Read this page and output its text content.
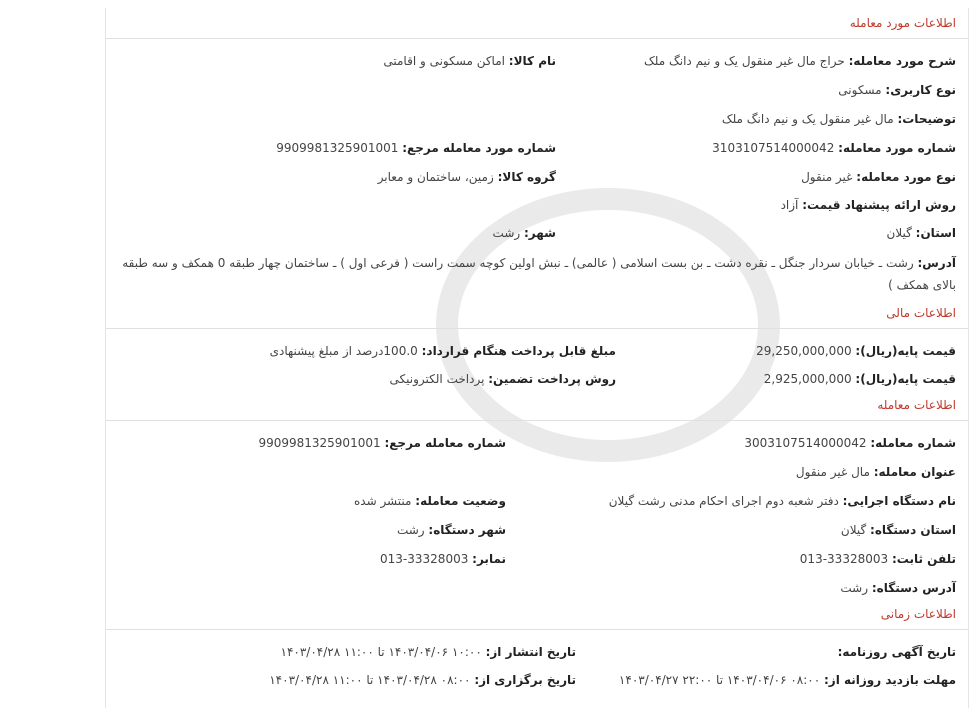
اطلاعات مورد معامله
شرح مورد معامله: حراج مال غیر منقول یک و نیم دانگ ملک
نام کالا: اماکن مسکونی و اقامتی
نوع کاربری: مسکونی
توضیحات: مال غیر منقول یک و نیم دانگ ملک
شماره مورد معامله: 3103107514000042
شماره مورد معامله مرجع: 9909981325901001
نوع مورد معامله: غیر منقول
گروه کالا: زمین، ساختمان و معابر
روش ارائه پیشنهاد قیمت: آزاد
استان: گیلان
شهر: رشت
آدرس: رشت ـ خیابان سردار جنگل ـ نقره دشت ـ بن بست اسلامی ( عالمی) ـ نبش اولین کوچه سمت راست ( فرعی اول ) ـ ساختمان چهار طبقه 0 همکف و سه طبقه بالای همکف )
اطلاعات مالی
قیمت پایه(ریال): 29,250,000,000
مبلغ قابل پرداخت هنگام قرارداد: 100.0درصد از مبلغ پیشنهادی
قیمت پایه(ریال): 2,925,000,000
روش پرداخت تضمین: پرداخت الکترونیکی
اطلاعات معامله
شماره معامله: 3003107514000042
شماره معامله مرجع: 9909981325901001
عنوان معامله: مال غیر منقول
نام دستگاه اجرایی: دفتر شعبه دوم اجرای احکام مدنی رشت گیلان
وضعیت معامله: منتشر شده
استان دستگاه: گیلان
شهر دستگاه: رشت
تلفن ثابت: 33328003-013
نمابر: 33328003-013
آدرس دستگاه: رشت
اطلاعات زمانی
تاریخ آگهی روزنامه:
تاریخ انتشار از: ۱۰:۰۰ ۱۴۰۳/۰۴/۰۶ تا ۱۱:۰۰ ۱۴۰۳/۰۴/۲۸
مهلت بازدید روزانه از: ۰۸:۰۰ ۱۴۰۳/۰۴/۰۶ تا ۲۲:۰۰ ۱۴۰۳/۰۴/۲۷
تاریخ برگزاری از: ۰۸:۰۰ ۱۴۰۳/۰۴/۲۸ تا ۱۱:۰۰ ۱۴۰۳/۰۴/۲۸
